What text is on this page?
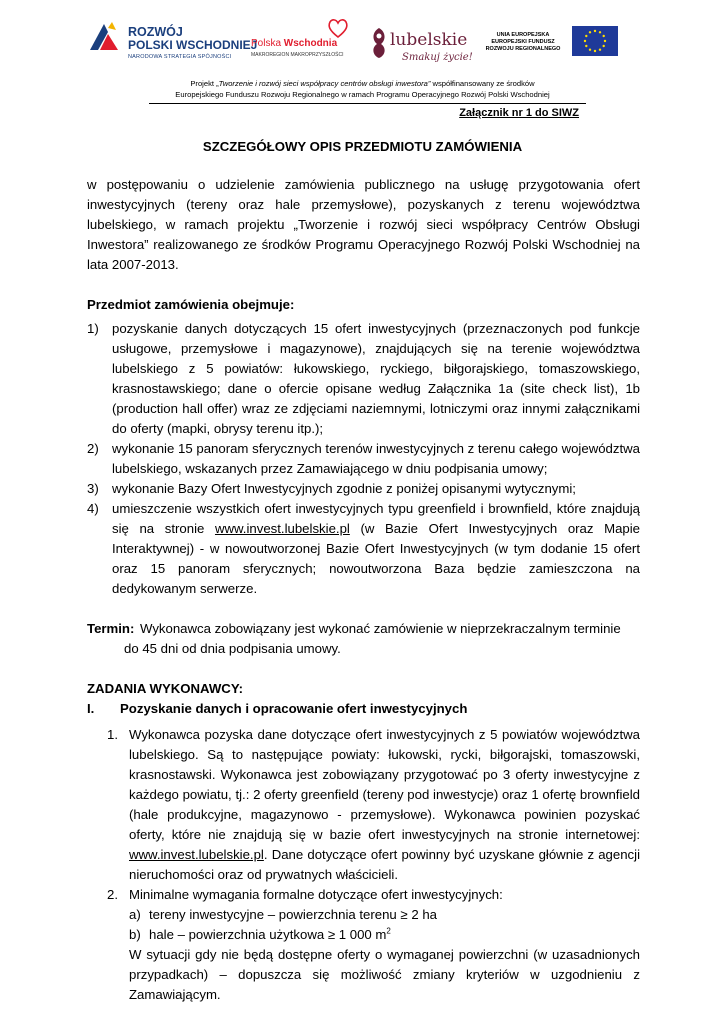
ROZWÓJ
POLSKI WSCHODNIEJ
NARODOWA STRATEGIA SPÓJNOŚCI
Polska Wschodnia
MAKROREGION MAKROPRZYSZŁOŚCI
lubelskie
Smakuj życie!
UNIA EUROPEJSKA
EUROPEJSKI FUNDUSZ
ROZWOJU REGIONALNEGO
Projekt „Tworzenie i rozwój sieci współpracy centrów obsługi inwestora” współfinansowany ze środków
Europejskiego Funduszu Rozwoju Regionalnego w ramach Programu Operacyjnego Rozwój Polski Wschodniej
Załącznik nr 1 do SIWZ
SZCZEGÓŁOWY OPIS PRZEDMIOTU ZAMÓWIENIA

w postępowaniu o udzielenie zamówienia publicznego na usługę przygotowania ofert inwestycyjnych (tereny oraz hale przemysłowe), pozyskanych z terenu województwa lubelskiego, w ramach projektu „Tworzenie i rozwój sieci współpracy Centrów Obsługi Inwestora” realizowanego ze środków Programu Operacyjnego Rozwój Polski Wschodniej na lata 2007-2013.

Przedmiot zamówienia obejmuje:

1)	pozyskanie danych dotyczących 15 ofert inwestycyjnych (przeznaczonych pod funkcje usługowe, przemysłowe i magazynowe), znajdujących się na terenie województwa lubelskiego z 5 powiatów: łukowskiego, ryckiego, biłgorajskiego, tomaszowskiego, krasnostawskiego; dane o ofercie opisane według Załącznika 1a (site check list), 1b (production hall offer) wraz ze zdjęciami naziemnymi, lotniczymi oraz innymi załącznikami do oferty (mapki, obrysy terenu itp.);
2)	wykonanie 15 panoram sferycznych terenów inwestycyjnych z terenu całego województwa lubelskiego, wskazanych przez Zamawiającego w dniu podpisania umowy;
3)	wykonanie Bazy Ofert Inwestycyjnych zgodnie z poniżej opisanymi wytycznymi;
4)	umieszczenie wszystkich ofert inwestycyjnych typu greenfield i brownfield, które znajdują się na stronie www.invest.lubelskie.pl (w Bazie Ofert Inwestycyjnych oraz Mapie Interaktywnej) - w nowoutworzonej Bazie Ofert Inwestycyjnych (w tym dodanie 15 ofert oraz 15 panoram sferycznych; nowoutworzona Baza będzie zamieszczona na dedykowanym serwerze.
Termin: Wykonawca zobowiązany jest wykonać zamówienie w nieprzekraczalnym terminie
do 45 dni od dnia podpisania umowy.

ZADANIA WYKONAWCY:

I.	Pozyskanie danych i opracowanie ofert inwestycyjnych
1. Wykonawca pozyska dane dotyczące ofert inwestycyjnych z 5 powiatów województwa lubelskiego. Są to następujące powiaty: łukowski, rycki, biłgorajski, tomaszowski, krasnostawski. Wykonawca jest zobowiązany przygotować po 3 oferty inwestycyjne z każdego powiatu, tj.: 2 oferty greenfield (tereny pod inwestycje) oraz 1 ofertę brownfield (hale produkcyjne, magazynowo - przemysłowe). Wykonawca powinien pozyskać oferty, które nie znajdują się w bazie ofert inwestycyjnych na stronie internetowej: www.invest.lubelskie.pl. Dane dotyczące ofert powinny być uzyskane głównie z agencji nieruchomości oraz od prywatnych właścicieli.
2. Minimalne wymagania formalne dotyczące ofert inwestycyjnych:
a) tereny inwestycyjne – powierzchnia terenu ≥ 2 ha
b) hale – powierzchnia użytkowa ≥ 1 000 $m^2$
W sytuacji gdy nie będą dostępne oferty o wymaganej powierzchni (w uzasadnionych przypadkach) – dopuszcza się możliwość zmiany kryteriów w uzgodnieniu z Zamawiającym.
